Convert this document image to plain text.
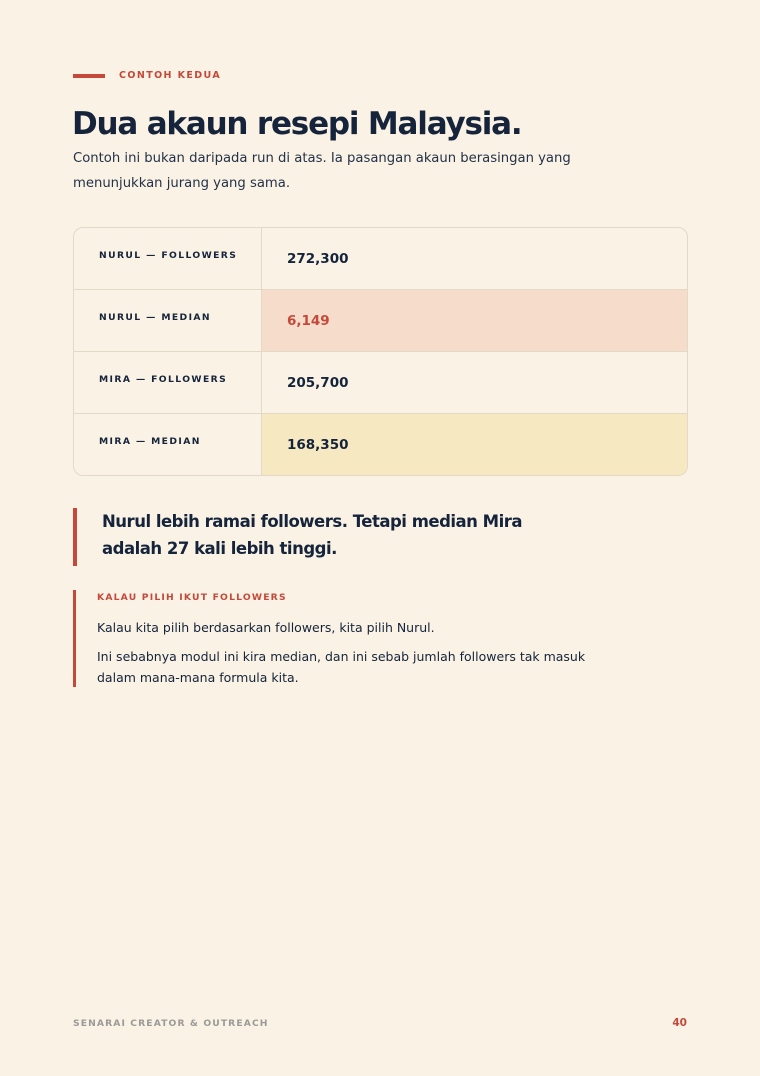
CONTOH KEDUA
Dua akaun resepi Malaysia.

Contoh ini bukan daripada run di atas. Ia pasangan akaun berasingan yang menunjukkan jurang yang sama.

NURUL — FOLLOWERS	272,300
NURUL — MEDIAN	6,149
MIRA — FOLLOWERS	205,700
MIRA — MEDIAN	168,350

Nurul lebih ramai followers. Tetapi median Mira adalah 27 kali lebih tinggi.

KALAU PILIH IKUT FOLLOWERS

Kalau kita pilih berdasarkan followers, kita pilih Nurul.

Ini sebabnya modul ini kira median, dan ini sebab jumlah followers tak masuk dalam mana-mana formula kita.

SENARAI CREATOR & OUTREACH	40
